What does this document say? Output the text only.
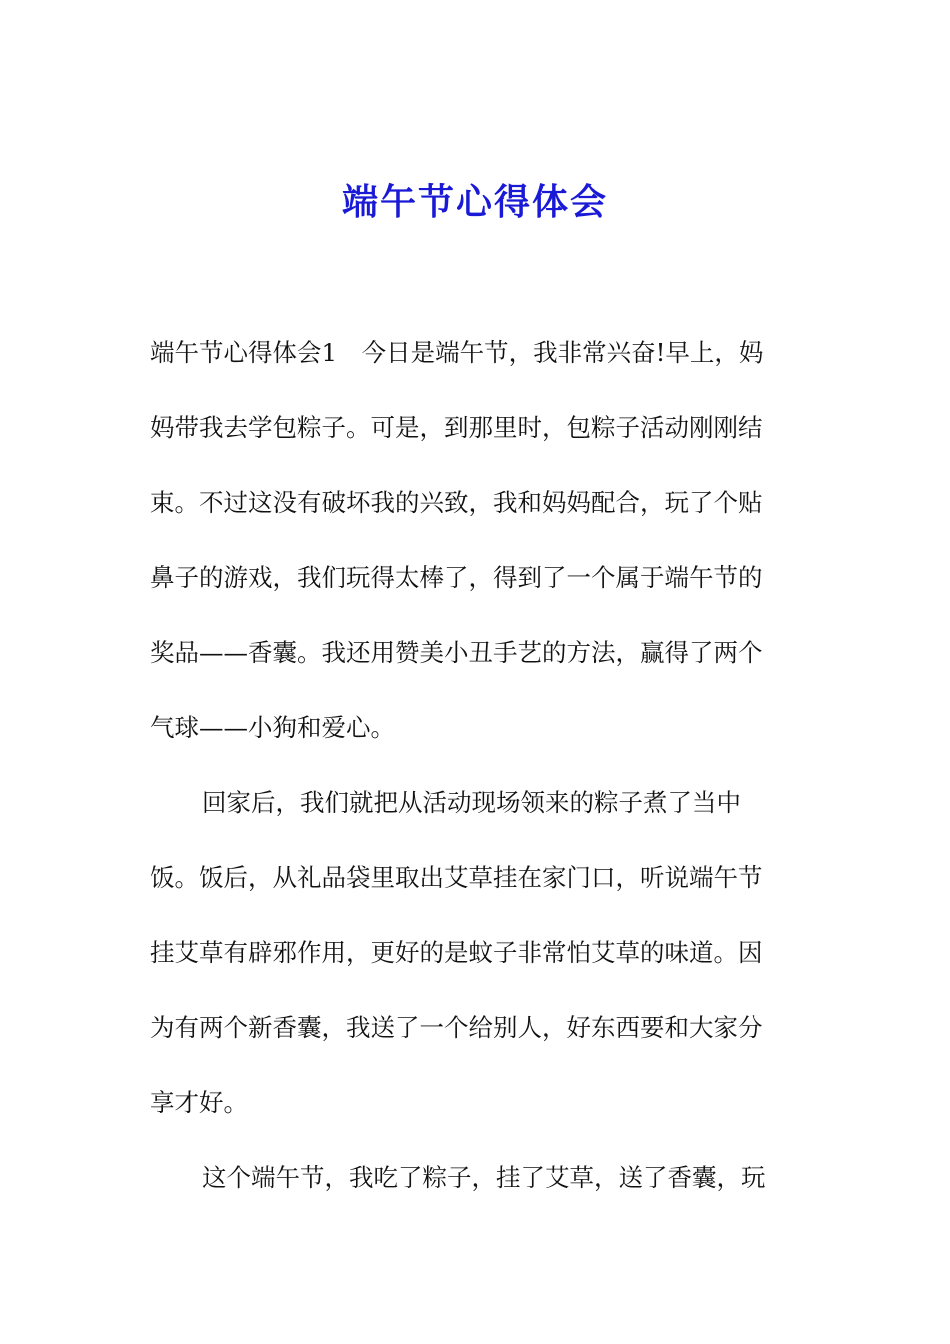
端午节心得体会
端午节心得体会1　今日是端午节，我非常兴奋!早上，妈
妈带我去学包粽子。可是，到那里时，包粽子活动刚刚结
束。不过这没有破坏我的兴致，我和妈妈配合，玩了个贴
鼻子的游戏，我们玩得太棒了，得到了一个属于端午节的
奖品——香囊。我还用赞美小丑手艺的方法，赢得了两个
气球——小狗和爱心。
回家后，我们就把从活动现场领来的粽子煮了当中
饭。饭后，从礼品袋里取出艾草挂在家门口，听说端午节
挂艾草有辟邪作用，更好的是蚊子非常怕艾草的味道。因
为有两个新香囊，我送了一个给别人，好东西要和大家分
享才好。
这个端午节，我吃了粽子，挂了艾草，送了香囊，玩
